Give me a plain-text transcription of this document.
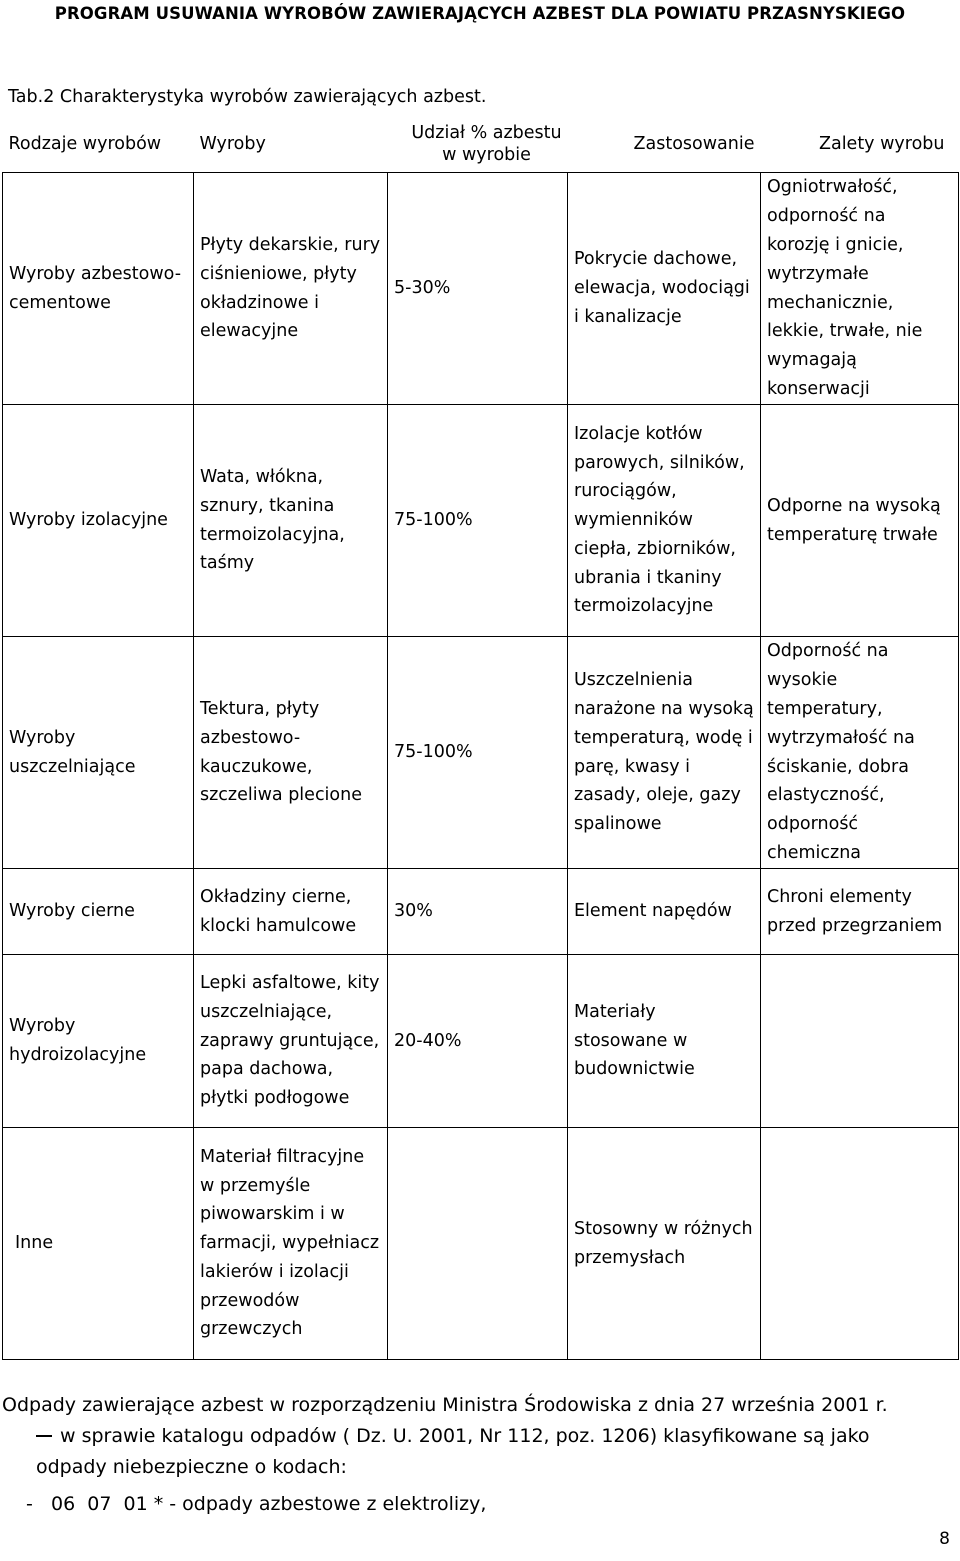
PROGRAM USUWANIA WYROBÓW ZAWIERAJĄCYCH AZBEST DLA POWIATU PRZASNYSKIEGO
Tab.2 Charakterystyka wyrobów zawierających azbest.
Rodzaje wyrobów	Wyroby	Udział % azbestu w wyrobie	Zastosowanie	Zalety wyrobu
Wyroby azbestowo-cementowe	Płyty dekarskie, rury ciśnieniowe, płyty okładzinowe i elewacyjne	5-30%	Pokrycie dachowe, elewacja, wodociągi i kanalizacje	Ogniotrwałość, odporność na korozję i gnicie, wytrzymałe mechanicznie, lekkie, trwałe, nie wymagają konserwacji
Wyroby izolacyjne	Wata, włókna, sznury, tkanina termoizolacyjna, taśmy	75-100%	Izolacje kotłów parowych, silników, rurociągów, wymienników ciepła, zbiorników, ubrania i tkaniny termoizolacyjne	Odporne na wysoką temperaturę trwałe
Wyroby uszczelniające	Tektura, płyty azbestowo-kauczukowe, szczeliwa plecione	75-100%	Uszczelnienia narażone na wysoką temperaturą, wodę i parę, kwasy i zasady, oleje, gazy spalinowe	Odporność na wysokie temperatury, wytrzymałość na ściskanie, dobra elastyczność, odporność chemiczna
Wyroby cierne	Okładziny cierne, klocki hamulcowe	30%	Element napędów	Chroni elementy przed przegrzaniem
Wyroby hydroizolacyjne	Lepki asfaltowe, kity uszczelniające, zaprawy gruntujące, papa dachowa, płytki podłogowe	20-40%	Materiały stosowane w budownictwie	
Inne	Materiał filtracyjne w przemyśle piwowarskim i w farmacji, wypełniacz lakierów i izolacji przewodów grzewczych		Stosowny w różnych przemysłach	

Odpady zawierające azbest w rozporządzeniu Ministra Środowiska z dnia 27 września 2001 r.

w sprawie katalogu odpadów ( Dz. U. 2001, Nr 112, poz. 1206) klasyfikowane są jako

odpady niebezpieczne o kodach:

-   06  07  01 * - odpady azbestowe z elektrolizy,

8
